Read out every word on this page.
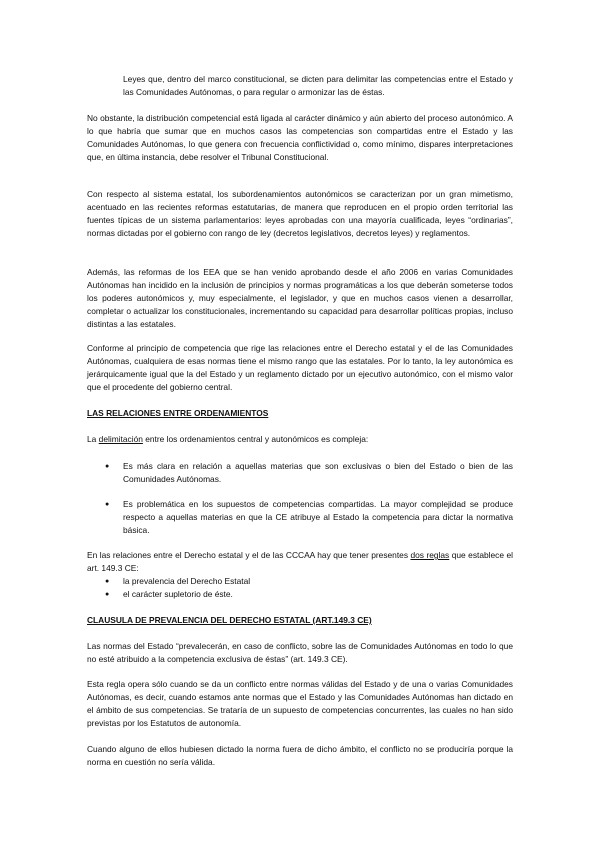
Leyes que, dentro del marco constitucional, se dicten para delimitar las competencias entre el Estado y las Comunidades Autónomas, o para regular o armonizar las de éstas.

No obstante, la distribución competencial está ligada al carácter dinámico y aún abierto del proceso autonómico. A lo que habría que sumar que en muchos casos las competencias son compartidas entre el Estado y las Comunidades Autónomas, lo que genera con frecuencia conflictividad o, como mínimo, dispares interpretaciones que, en última instancia, debe resolver el Tribunal Constitucional.

Con respecto al sistema estatal, los subordenamientos autonómicos se caracterizan por un gran mimetismo, acentuado en las recientes reformas estatutarias, de manera que reproducen en el propio orden territorial las fuentes típicas de un sistema parlamentarios: leyes aprobadas con una mayoría cualificada, leyes “ordinarias”, normas dictadas por el gobierno con rango de ley (decretos legislativos, decretos leyes) y reglamentos.

Además, las reformas de los EEA que se han venido aprobando desde el año 2006 en varias Comunidades Autónomas han incidido en la inclusión de principios y normas programáticas a los que deberán someterse todos los poderes autonómicos y, muy especialmente, el legislador, y que en muchos casos vienen a desarrollar, completar o actualizar los constitucionales, incrementando su capacidad para desarrollar políticas propias, incluso distintas a las estatales.

Conforme al principio de competencia que rige las relaciones entre el Derecho estatal y el de las Comunidades Autónomas, cualquiera de esas normas tiene el mismo rango que las estatales. Por lo tanto, la ley autonómica es jerárquicamente igual que la del Estado y un reglamento dictado por un ejecutivo autonómico, con el mismo valor que el procedente del gobierno central.

LAS RELACIONES ENTRE ORDENAMIENTOS

La delimitación entre los ordenamientos central y autonómicos es compleja:

● Es más clara en relación a aquellas materias que son exclusivas o bien del Estado o bien de las Comunidades Autónomas.
● Es problemática en los supuestos de competencias compartidas. La mayor complejidad se produce respecto a aquellas materias en que la CE atribuye al Estado la competencia para dictar la normativa básica.

En las relaciones entre el Derecho estatal y el de las CCCAA hay que tener presentes dos reglas que establece el art. 149.3 CE:

● la prevalencia del Derecho Estatal
● el carácter supletorio de éste.

CLAUSULA DE PREVALENCIA DEL DERECHO ESTATAL (ART.149.3 CE)

Las normas del Estado “prevalecerán, en caso de conflicto, sobre las de Comunidades Autónomas en todo lo que no esté atribuido a la competencia exclusiva de éstas” (art. 149.3 CE).

Esta regla opera sólo cuando se da un conflicto entre normas válidas del Estado y de una o varias Comunidades Autónomas, es decir, cuando estamos ante normas que el Estado y las Comunidades Autónomas han dictado en el ámbito de sus competencias. Se trataría de un supuesto de competencias concurrentes, las cuales no han sido previstas por los Estatutos de autonomía.

Cuando alguno de ellos hubiesen dictado la norma fuera de dicho ámbito, el conflicto no se produciría porque la norma en cuestión no sería válida.
